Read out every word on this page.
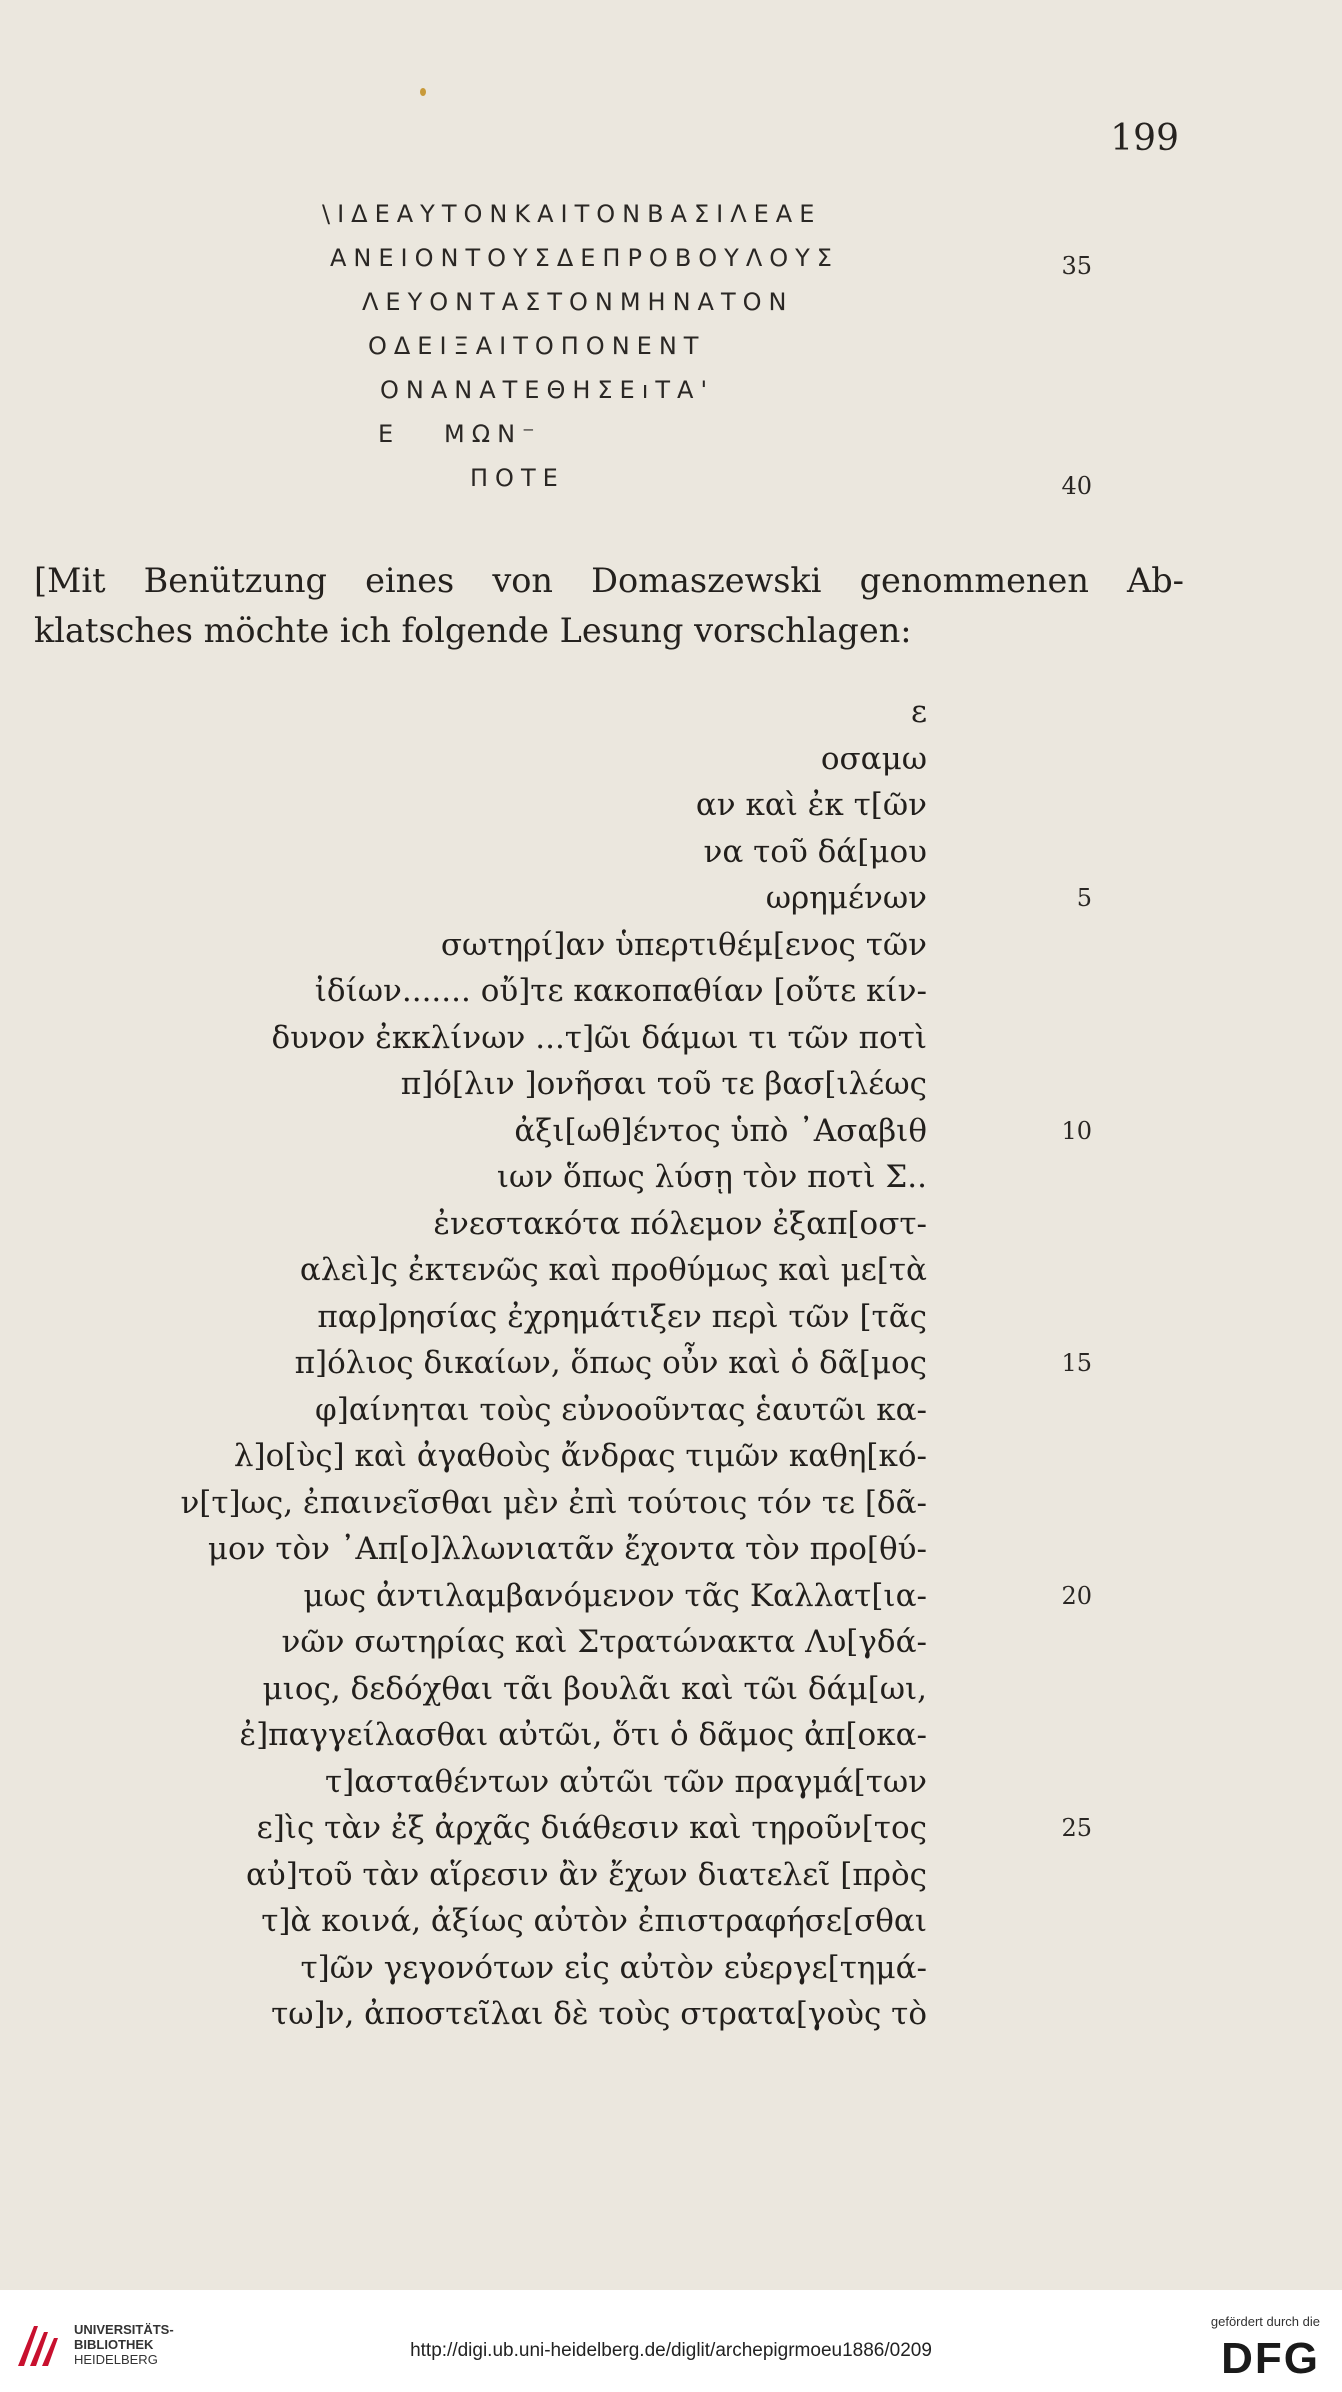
199
\ΙΔΕΑΥΤΟΝΚΑΙΤΟΝΒΑΣΙΛΕΑΕ
ΑΝΕΙΟΝΤΟΥΣΔΕΠΡΟΒΟΥΛΟΥΣ	35
ΛΕΥΟΝΤΑΣΤΟΝΜΗΝΑΤΟΝ
ΟΔΕΙΞΑΙΤΟΠΟΝΕΝΤ
ΟΝΑΝΑΤΕΘΗΣΕıΤΑ'
Ε   ΜΩΝ⁻
ΠΟΤΕ	40
[Mit Benützung eines von Domaszewski genommenen Ab-
klatsches möchte ich folgende Lesung vorschlagen:
ε
οσαμω
αν καὶ ἐκ τ[ῶν
να τοῦ δά[μου
ωρημένων	5
σωτηρί]αν ὑπερτιθέμ[ενος τῶν
ἰδίων....... οὔ]τε κακοπαθίαν [οὔτε κίν-
δυνον ἐκκλίνων ...τ]ῶι δάμωι τι τῶν ποτὶ
π]ό[λιν ]ονῆσαι τοῦ τε βασ[ιλέως
ἀξι[ωθ]έντος ὑπὸ ᾿Ασαβιθ	10
ιων ὅπως λύσῃ τὸν ποτὶ Σ..
ἐνεστακότα πόλεμον ἐξαπ[οστ-
αλεὶ]ς ἐκτενῶς καὶ προθύμως καὶ με[τὰ
παρ]ρησίας ἐχρημάτιξεν περὶ τῶν [τᾶς
π]όλιος δικαίων, ὅπως οὖν καὶ ὁ δᾶ[μος	15
φ]αίνηται τοὺς εὐνοοῦντας ἑαυτῶι κα-
λ]ο[ὺς] καὶ ἀγαθοὺς ἄνδρας τιμῶν καθη[κό-
ν[τ]ως, ἐπαινεῖσθαι μὲν ἐπὶ τούτοις τόν τε [δᾶ-
μον τὸν ᾿Απ[ο]λλωνιατᾶν ἔχοντα τὸν προ[θύ-
μως ἀντιλαμβανόμενον τᾶς Καλλατ[ια-	20
νῶν σωτηρίας καὶ Στρατώνακτα Λυ[γδά-
μιος, δεδόχθαι τᾶι βουλᾶι καὶ τῶι δάμ[ωι,
ἐ]παγγείλασθαι αὐτῶι, ὅτι ὁ δᾶμος ἀπ[οκα-
τ]ασταθέντων αὐτῶι τῶν πραγμά[των
ε]ὶς τὰν ἐξ ἀρχᾶς διάθεσιν καὶ τηροῦν[τος	25
αὐ]τοῦ τὰν αἵρεσιν ἂν ἔχων διατελεῖ [πρὸς
τ]ὰ κοινά, ἀξίως αὐτὸν ἐπιστραφήσε[σθαι
τ]ῶν γεγονότων εἰς αὐτὸν εὐεργε[τημά-
τω]ν, ἀποστεῖλαι δὲ τοὺς στρατα[γοὺς τὸ
UNIVERSITÄTS-
BIBLIOTHEK
HEIDELBERG	http://digi.ub.uni-heidelberg.de/diglit/archepigrmoeu1886/0209
gefördert durch die
DFG
